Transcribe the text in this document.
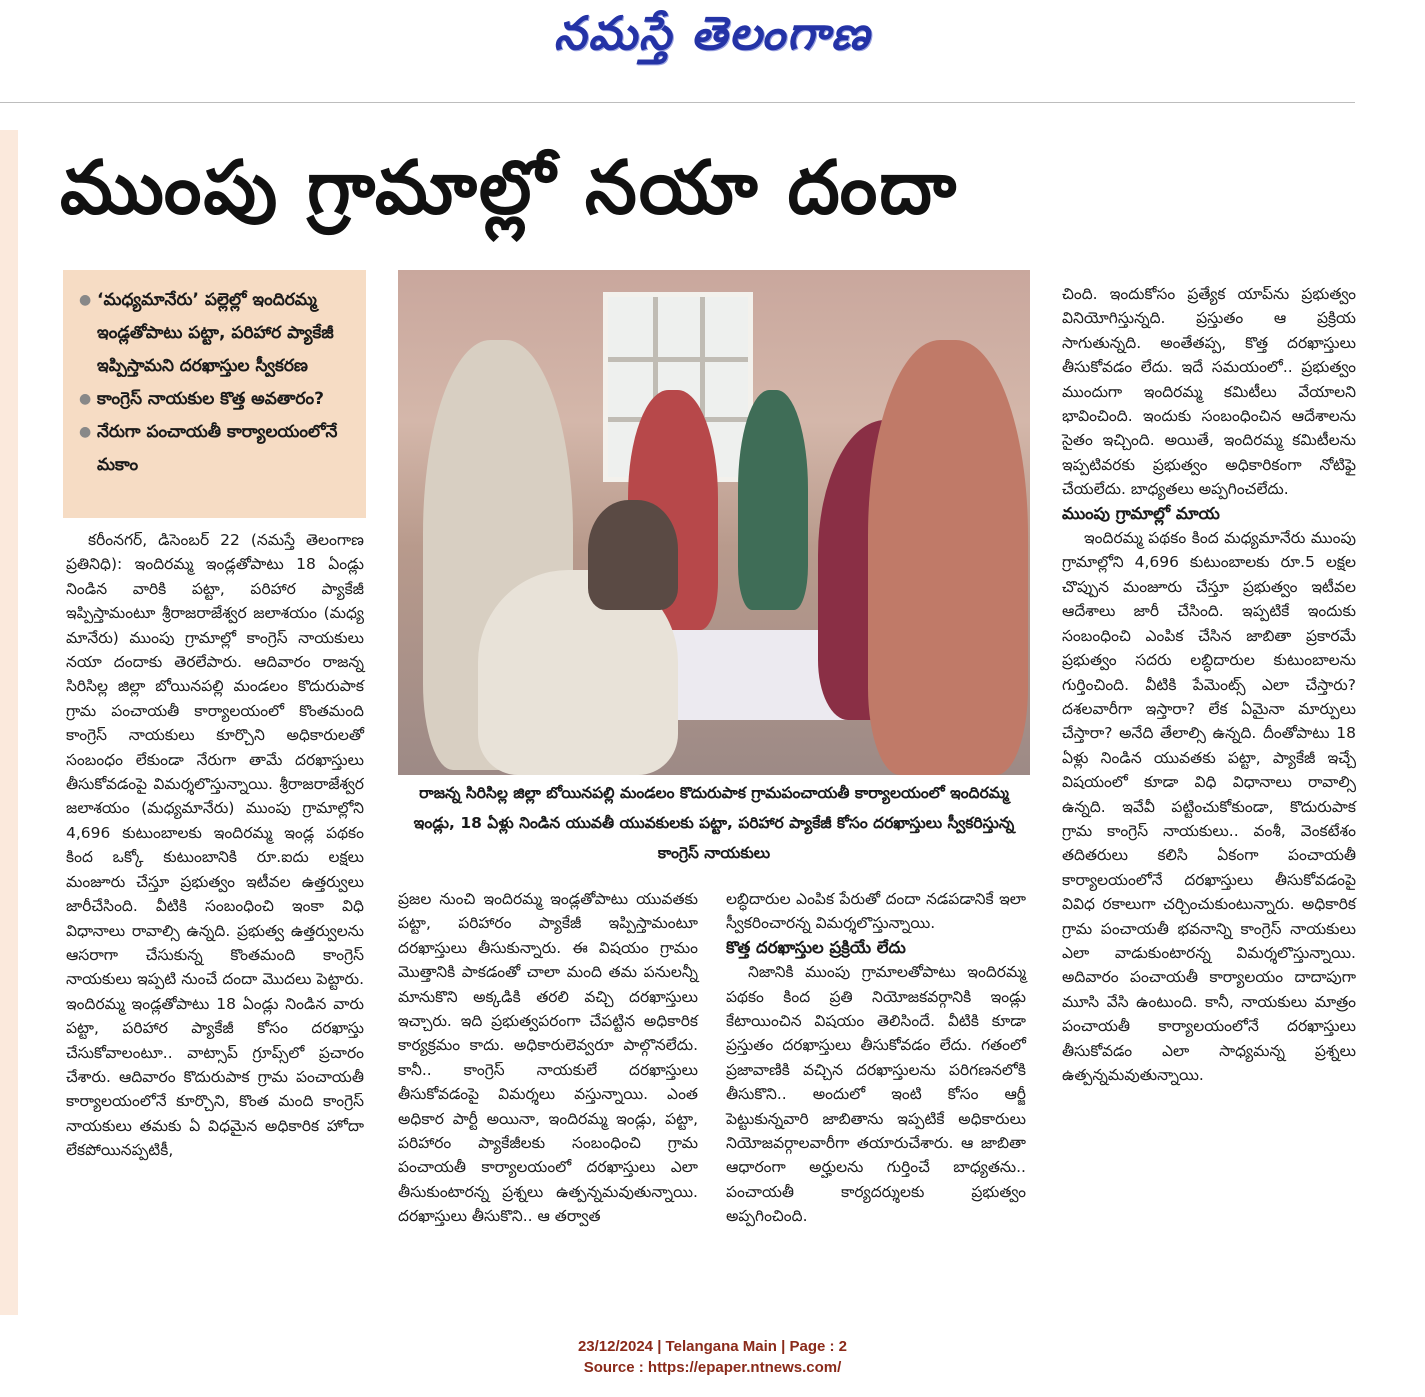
నమస్తే తెలంగాణ
ముంపు గ్రామాల్లో నయా దందా
● ‘మధ్యమానేరు’ పల్లెల్లో ఇందిరమ్మ ఇండ్లతోపాటు పట్టా, పరిహార ప్యాకేజీ ఇప్పిస్తామని దరఖాస్తుల స్వీకరణ
● కాంగ్రెస్ నాయకుల కొత్త అవతారం?
● నేరుగా పంచాయతీ కార్యాలయంలోనే మకాం
రాజన్న సిరిసిల్ల జిల్లా బోయినపల్లి మండలం కొదురుపాక గ్రామపంచాయతీ కార్యాలయంలో ఇందిరమ్మ ఇండ్లు, 18 ఏళ్లు నిండిన యువతీ యువకులకు పట్టా, పరిహార ప్యాకేజీ కోసం దరఖాస్తులు స్వీకరిస్తున్న కాంగ్రెస్ నాయకులు

కరీంనగర్, డిసెంబర్ 22 (నమస్తే తెలంగాణ ప్రతినిధి): ఇందిరమ్మ ఇండ్లతోపాటు 18 ఏండ్లు నిండిన వారికి పట్టా, పరిహార ప్యాకేజీ ఇప్పిస్తామంటూ శ్రీరాజరాజేశ్వర జలాశయం (మధ్య మానేరు) ముంపు గ్రామాల్లో కాంగ్రెస్ నాయకులు నయా దందాకు తెరలేపారు. ఆదివారం రాజన్న సిరిసిల్ల జిల్లా బోయినపల్లి మండలం కొదురుపాక గ్రామ పంచాయతీ కార్యాలయంలో కొంతమంది కాంగ్రెస్ నాయకులు కూర్చొని అధికారులతో సంబంధం లేకుండా నేరుగా తామే దరఖాస్తులు తీసుకోవడంపై విమర్శలొస్తున్నాయి. శ్రీరాజరాజేశ్వర జలాశయం (మధ్యమానేరు) ముంపు గ్రామాల్లోని 4,696 కుటుంబాలకు ఇందిరమ్మ ఇండ్ల పథకం కింద ఒక్కో కుటుంబానికి రూ.ఐదు లక్షలు మంజూరు చేస్తూ ప్రభుత్వం ఇటీవల ఉత్తర్వులు జారీచేసింది. వీటికి సంబంధించి ఇంకా విధి విధానాలు రావాల్సి ఉన్నది. ప్రభుత్వ ఉత్తర్వులను ఆసరాగా చేసుకున్న కొంతమంది కాంగ్రెస్ నాయకులు ఇప్పటి నుంచే దందా మొదలు పెట్టారు. ఇందిరమ్మ ఇండ్లతోపాటు 18 ఏండ్లు నిండిన వారు పట్టా, పరిహార ప్యాకేజీ కోసం దరఖాస్తు చేసుకోవాలంటూ.. వాట్సాప్ గ్రూప్స్‌లో ప్రచారం చేశారు. ఆదివారం కొదురుపాక గ్రామ పంచాయతీ కార్యాలయంలోనే కూర్చొని, కొంత మంది కాంగ్రెస్ నాయకులు తమకు ఏ విధమైన అధికారిక హోదా లేకపోయినప్పటికీ,

ప్రజల నుంచి ఇందిరమ్మ ఇండ్లతోపాటు యువతకు పట్టా, పరిహారం ప్యాకేజీ ఇప్పిస్తామంటూ దరఖాస్తులు తీసుకున్నారు. ఈ విషయం గ్రామం మొత్తానికి పాకడంతో చాలా మంది తమ పనులన్నీ మానుకొని అక్కడికి తరలి వచ్చి దరఖాస్తులు ఇచ్చారు. ఇది ప్రభుత్వపరంగా చేపట్టిన అధికారిక కార్యక్రమం కాదు. అధికారులెవ్వరూ పాల్గొనలేదు. కానీ.. కాంగ్రెస్ నాయకులే దరఖాస్తులు తీసుకోవడంపై విమర్శలు వస్తున్నాయి. ఎంత అధికార పార్టీ అయినా, ఇందిరమ్మ ఇండ్లు, పట్టా, పరిహారం ప్యాకేజీలకు సంబంధించి గ్రామ పంచాయతీ కార్యాలయంలో దరఖాస్తులు ఎలా తీసుకుంటారన్న ప్రశ్నలు ఉత్పన్నమవుతున్నాయి. దరఖాస్తులు తీసుకొని.. ఆ తర్వాత

లబ్ధిదారుల ఎంపిక పేరుతో దందా నడపడానికే ఇలా స్వీకరించారన్న విమర్శలొస్తున్నాయి.

కొత్త దరఖాస్తుల ప్రక్రియే లేదు

నిజానికి ముంపు గ్రామాలతోపాటు ఇందిరమ్మ పథకం కింద ప్రతి నియోజకవర్గానికి ఇండ్లు కేటాయించిన విషయం తెలిసిందే. వీటికి కూడా ప్రస్తుతం దరఖాస్తులు తీసుకోవడం లేదు. గతంలో ప్రజావాణికి వచ్చిన దరఖాస్తులను పరిగణనలోకి తీసుకొని.. అందులో ఇంటి కోసం ఆర్జీ పెట్టుకున్నవారి జాబితాను ఇప్పటికే అధికారులు నియోజవర్గాలవారీగా తయారుచేశారు. ఆ జాబితా ఆధారంగా అర్హులను గుర్తించే బాధ్యతను.. పంచాయతీ కార్యదర్శులకు ప్రభుత్వం అప్పగించింది.

చింది. ఇందుకోసం ప్రత్యేక యాప్‌ను ప్రభుత్వం వినియోగిస్తున్నది. ప్రస్తుతం ఆ ప్రక్రియ సాగుతున్నది. అంతేతప్ప, కొత్త దరఖాస్తులు తీసుకోవడం లేదు. ఇదే సమయంలో.. ప్రభుత్వం ముందుగా ఇందిరమ్మ కమిటీలు వేయాలని భావించింది. ఇందుకు సంబంధించిన ఆదేశాలను సైతం ఇచ్చింది. అయితే, ఇందిరమ్మ కమిటీలను ఇప్పటివరకు ప్రభుత్వం అధికారికంగా నోటిఫై చేయలేదు. బాధ్యతలు అప్పగించలేదు.

ముంపు గ్రామాల్లో మాయ

ఇందిరమ్మ పథకం కింద మధ్యమానేరు ముంపు గ్రామాల్లోని 4,696 కుటుంబాలకు రూ.5 లక్షల చొప్పున మంజూరు చేస్తూ ప్రభుత్వం ఇటీవల ఆదేశాలు జారీ చేసింది. ఇప్పటికే ఇందుకు సంబంధించి ఎంపిక చేసిన జాబితా ప్రకారమే ప్రభుత్వం సదరు లబ్ధిదారుల కుటుంబాలను గుర్తించింది. వీటికి పేమెంట్స్ ఎలా చేస్తారు? దశలవారీగా ఇస్తారా? లేక ఏమైనా మార్పులు చేస్తారా? అనేది తేలాల్సి ఉన్నది. దీంతోపాటు 18 ఏళ్లు నిండిన యువతకు పట్టా, ప్యాకేజీ ఇచ్చే విషయంలో కూడా విధి విధానాలు రావాల్సి ఉన్నది. ఇవేవీ పట్టించుకోకుండా, కొదురుపాక గ్రామ కాంగ్రెస్ నాయకులు.. వంశీ, వెంకటేశం తదితరులు కలిసి ఏకంగా పంచాయతీ కార్యాలయంలోనే దరఖాస్తులు తీసుకోవడంపై వివిధ రకాలుగా చర్చించుకుంటున్నారు. అధికారిక గ్రామ పంచాయతీ భవనాన్ని కాంగ్రెస్ నాయకులు ఎలా వాడుకుంటారన్న విమర్శలొస్తున్నాయి. అదివారం పంచాయతీ కార్యాలయం దాదాపుగా మూసి వేసి ఉంటుంది. కానీ, నాయకులు మాత్రం పంచాయతీ కార్యాలయంలోనే దరఖాస్తులు తీసుకోవడం ఎలా సాధ్యమన్న ప్రశ్నలు ఉత్పన్నమవుతున్నాయి.

23/12/2024 | Telangana Main | Page : 2
Source : https://epaper.ntnews.com/
